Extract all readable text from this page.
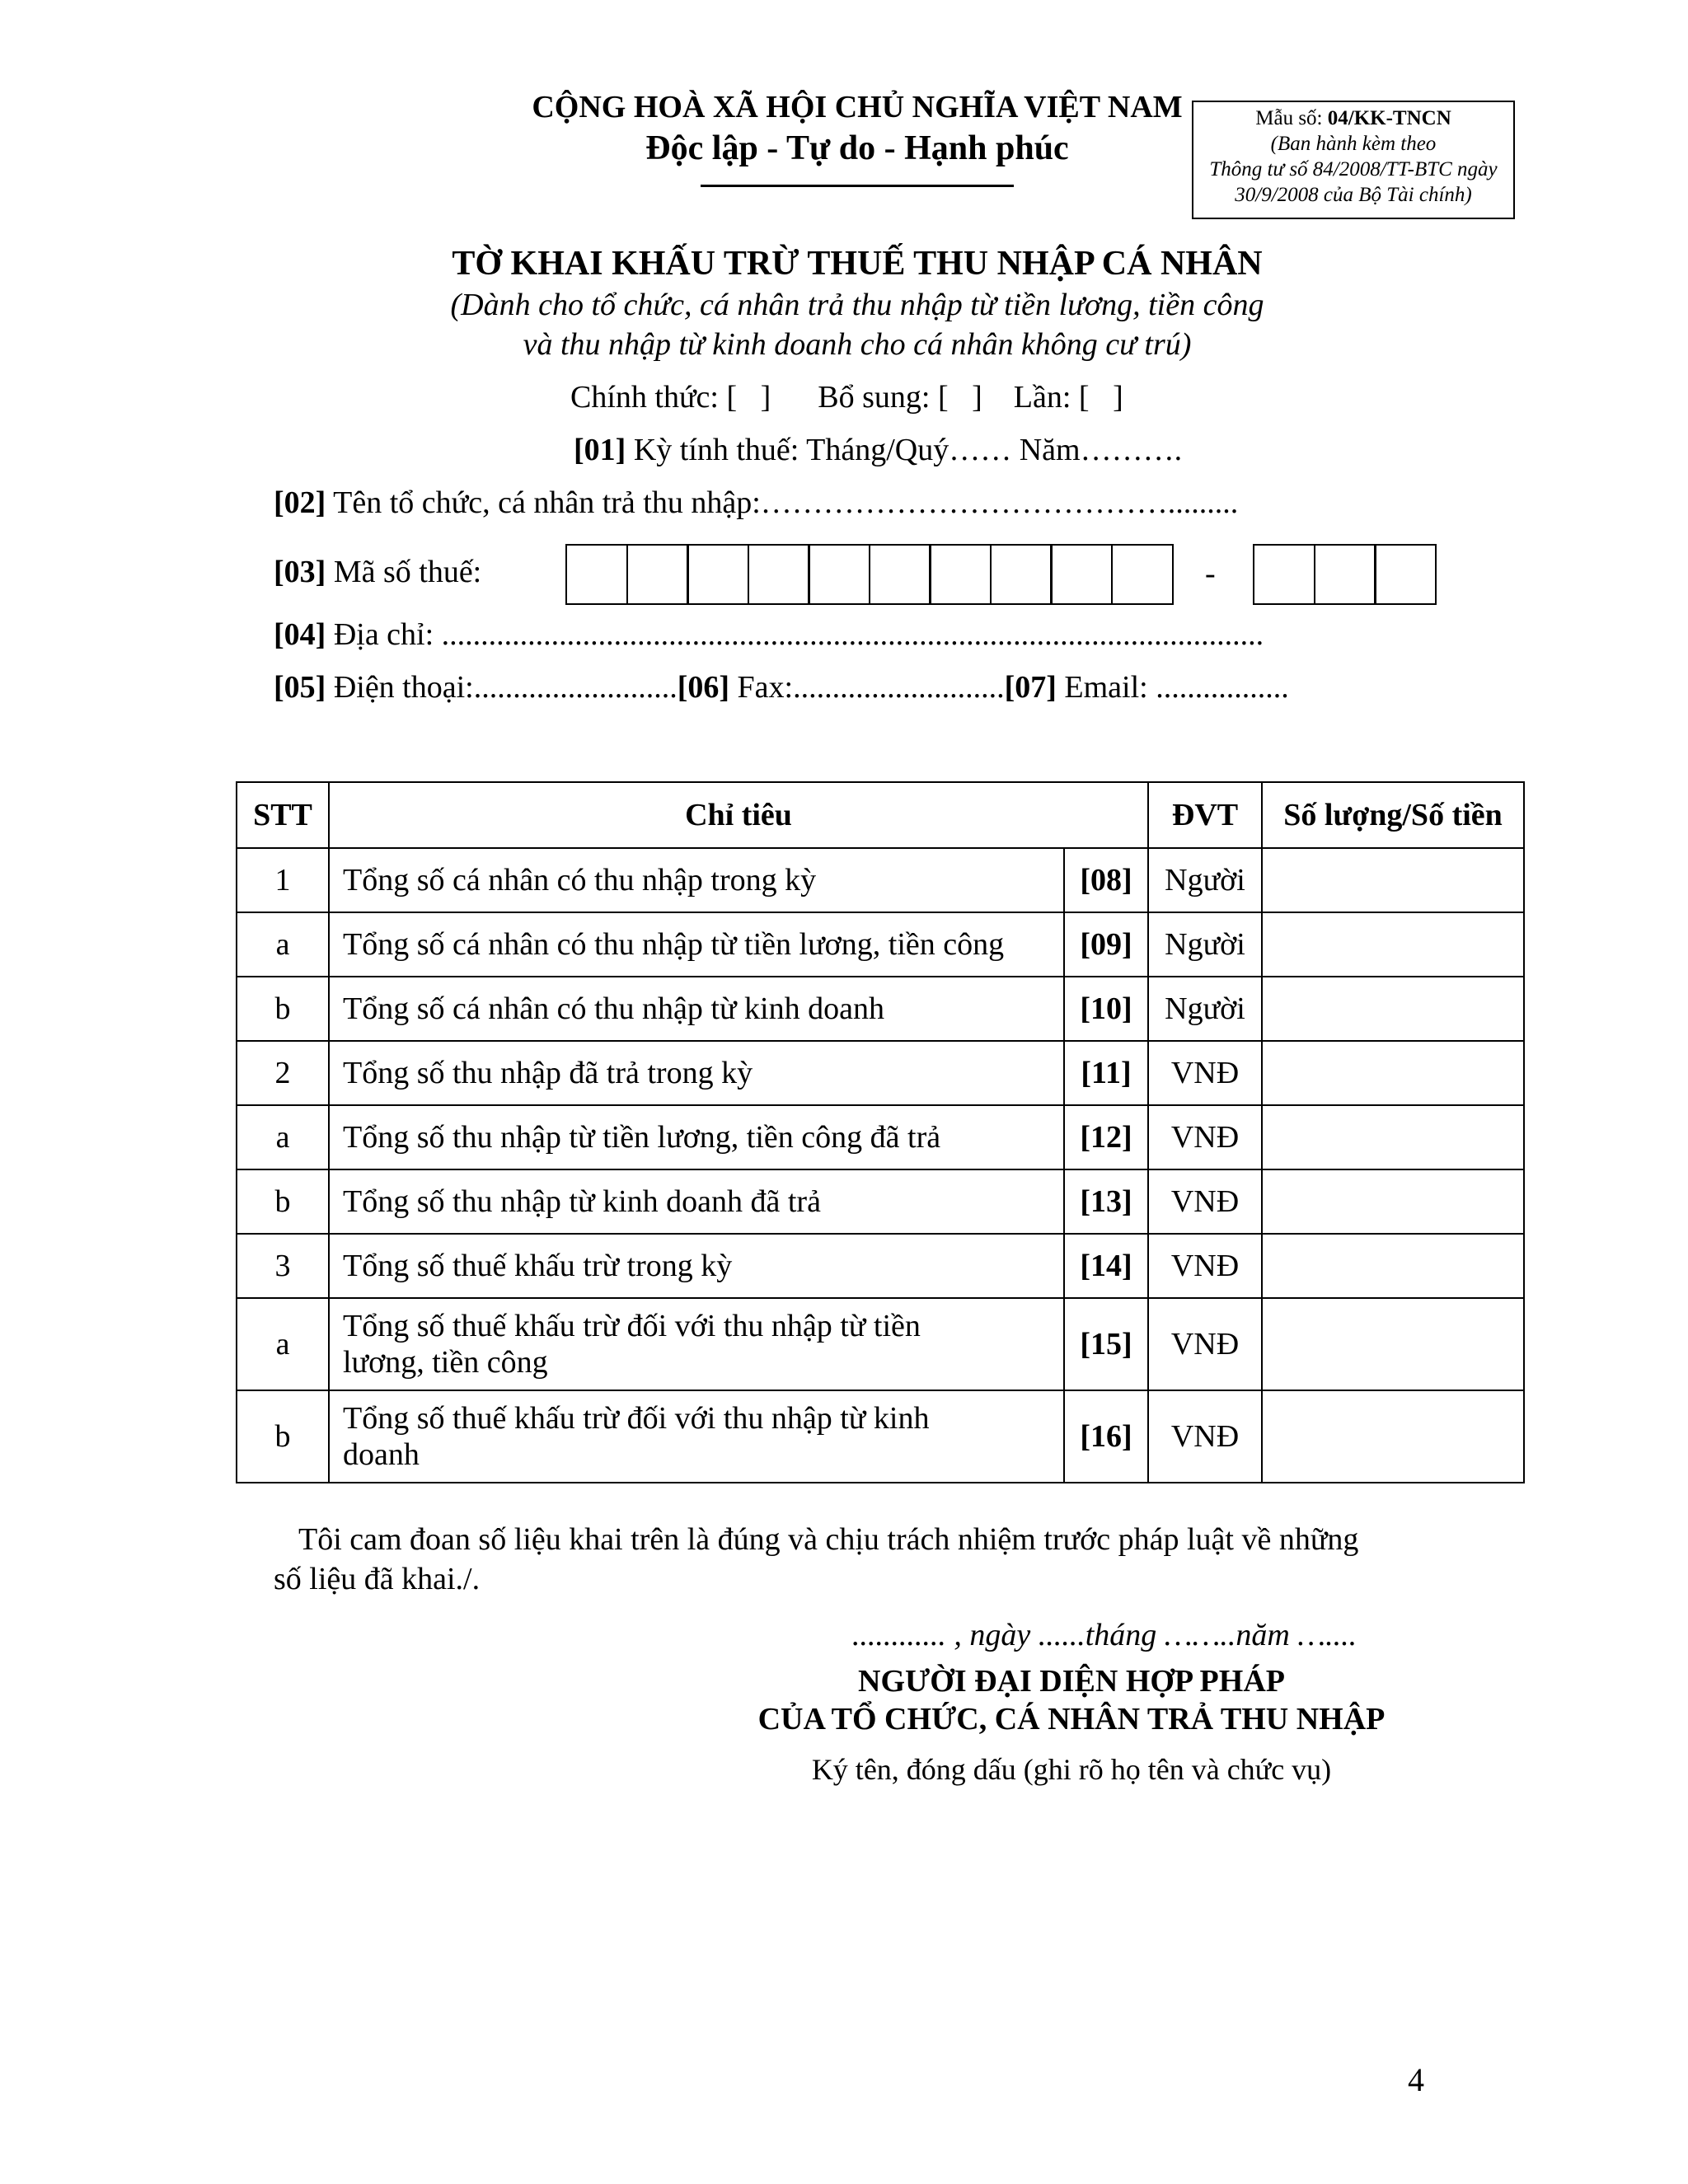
CỘNG HOÀ XÃ HỘI CHỦ NGHĨA VIỆT NAM
Độc lập - Tự do - Hạnh phúc
Mẫu số: 04/KK-TNCN
(Ban hành kèm theo
Thông tư số 84/2008/TT-BTC ngày
30/9/2008 của Bộ Tài chính)
TỜ KHAI KHẤU TRỪ THUẾ THU NHẬP CÁ NHÂN
(Dành cho tổ chức, cá nhân trả thu nhập từ tiền lương, tiền công
và thu nhập từ kinh doanh cho cá nhân không cư trú)
Chính thức: [   ] Bổ sung: [   ] Lần: [   ]
[01] Kỳ tính thuế: Tháng/Quý…… Năm……….
[02] Tên tổ chức, cá nhân trả thu nhập:………………………………….........
[03] Mã số thuế:	-
[04] Địa chỉ: .........................................................................................................
[05] Điện thoại:..........................[06] Fax:...........................[07] Email: .................
STT	Chỉ tiêu		ĐVT	Số lượng/Số tiền
1	Tổng số cá nhân có thu nhập trong kỳ	[08]	Người	
a	Tổng số cá nhân có thu nhập từ tiền lương, tiền công	[09]	Người	
b	Tổng số cá nhân có thu nhập từ kinh doanh	[10]	Người	
2	Tổng số thu nhập đã trả trong kỳ	[11]	VNĐ	
a	Tổng số thu nhập từ tiền lương, tiền công đã trả	[12]	VNĐ	
b	Tổng số thu nhập từ kinh doanh đã trả	[13]	VNĐ	
3	Tổng số thuế khấu trừ trong kỳ	[14]	VNĐ	
a	Tổng số thuế khấu trừ đối với thu nhập từ tiền
lương, tiền công	[15]	VNĐ	
b	Tổng số thuế khấu trừ đối với thu nhập từ kinh
doanh	[16]	VNĐ	
Tôi cam đoan số liệu khai trên là đúng và chịu trách nhiệm trước pháp luật về những
số liệu đã khai./.
............ , ngày ......tháng ……..năm …....
NGƯỜI ĐẠI DIỆN HỢP PHÁP
CỦA TỔ CHỨC, CÁ NHÂN TRẢ THU NHẬP
Ký tên, đóng dấu (ghi rõ họ tên và chức vụ)
4
